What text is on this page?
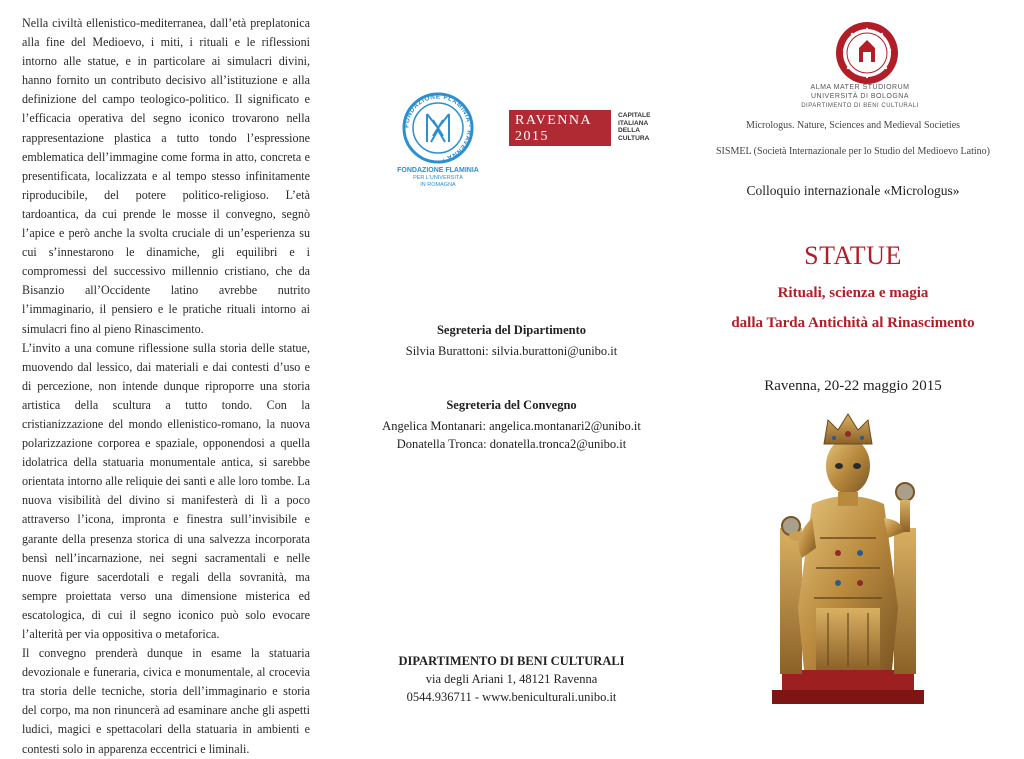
Nella civiltà ellenistico-mediterranea, dall’età preplatonica alla fine del Medioevo, i miti, i rituali e le riflessioni intorno alle statue, e in particolare ai simulacri divini, hanno fornito un contributo decisivo all’istituzione e alla definizione del campo teologico-politico. Il significato e l’efficacia operativa del segno iconico trovarono nella rappresentazione plastica a tutto tondo l’espressione emblematica dell’immagine come forma in atto, concreta e presentificata, localizzata e al tempo stesso infinitamente riproducibile, del potere politico-religioso. L’età tardoantica, da cui prende le mosse il convegno, segnò l’apice e però anche la svolta cruciale di un’esperienza su cui s’innestarono le dinamiche, gli equilibri e i compromessi del successivo millennio cristiano, che da Bisanzio all’Occidente latino avrebbe nutrito l’immaginario, il pensiero e le pratiche rituali intorno ai simulacri fino al pieno Rinascimento.

L’invito a una comune riflessione sulla storia delle statue, muovendo dal lessico, dai materiali e dai contesti d’uso e di percezione, non intende dunque riproporre una storia artistica della scultura a tutto tondo. Con la cristianizzazione del mondo ellenistico-romano, la nuova polarizzazione corporea e spaziale, opponendosi a quella idolatrica della statuaria monumentale antica, si sarebbe orientata intorno alle reliquie dei santi e alle loro tombe. La nuova visibilità del divino si manifesterà di lì a poco attraverso l’icona, impronta e finestra sull’invisibile e garante della presenza storica di una salvezza incorporata bensì nell’incarnazione, nei segni sacramentali e nelle nuove figure sacerdotali e regali della sovranità, ma sempre proiettata verso una dimensione misterica ed escatologica, di cui il segno iconico può solo evocare l’alterità per via oppositiva o metaforica.

Il convegno prenderà dunque in esame la statuaria devozionale e funeraria, civica e monumentale, al crocevia tra storia delle tecniche, storia dell’immaginario e storia del corpo, ma non rinuncerà ad esaminare anche gli aspetti ludici, magici e spettacolari della statuaria in ambienti e contesti solo in apparenza eccentrici e liminali.

FONDAZIONE FLAMINIA · RAVENNA ·
FONDAZIONE FLAMINIA
PER L’UNIVERSITÀ
IN ROMAGNA
RAVENNA
2015
CAPITALE
ITALIANA
DELLA
CULTURA
Segreteria del Dipartimento
Silvia Burattoni: silvia.burattoni@unibo.it
Segreteria del Convegno
Angelica Montanari: angelica.montanari2@unibo.it
Donatella Tronca: donatella.tronca2@unibo.it
DIPARTIMENTO DI BENI CULTURALI
via degli Ariani 1, 48121 Ravenna
0544.936711 - www.beniculturali.unibo.it
ALMA MATER STUDIORUM
UNIVERSITÀ DI BOLOGNA
DIPARTIMENTO DI BENI CULTURALI
Micrologus. Nature, Sciences and Medieval Societies
SISMEL (Società Internazionale per lo Studio del Medioevo Latino)
Colloquio internazionale «Micrologus»
STATUE
Rituali, scienza e magia
dalla Tarda Antichità al Rinascimento
Ravenna, 20-22 maggio 2015
